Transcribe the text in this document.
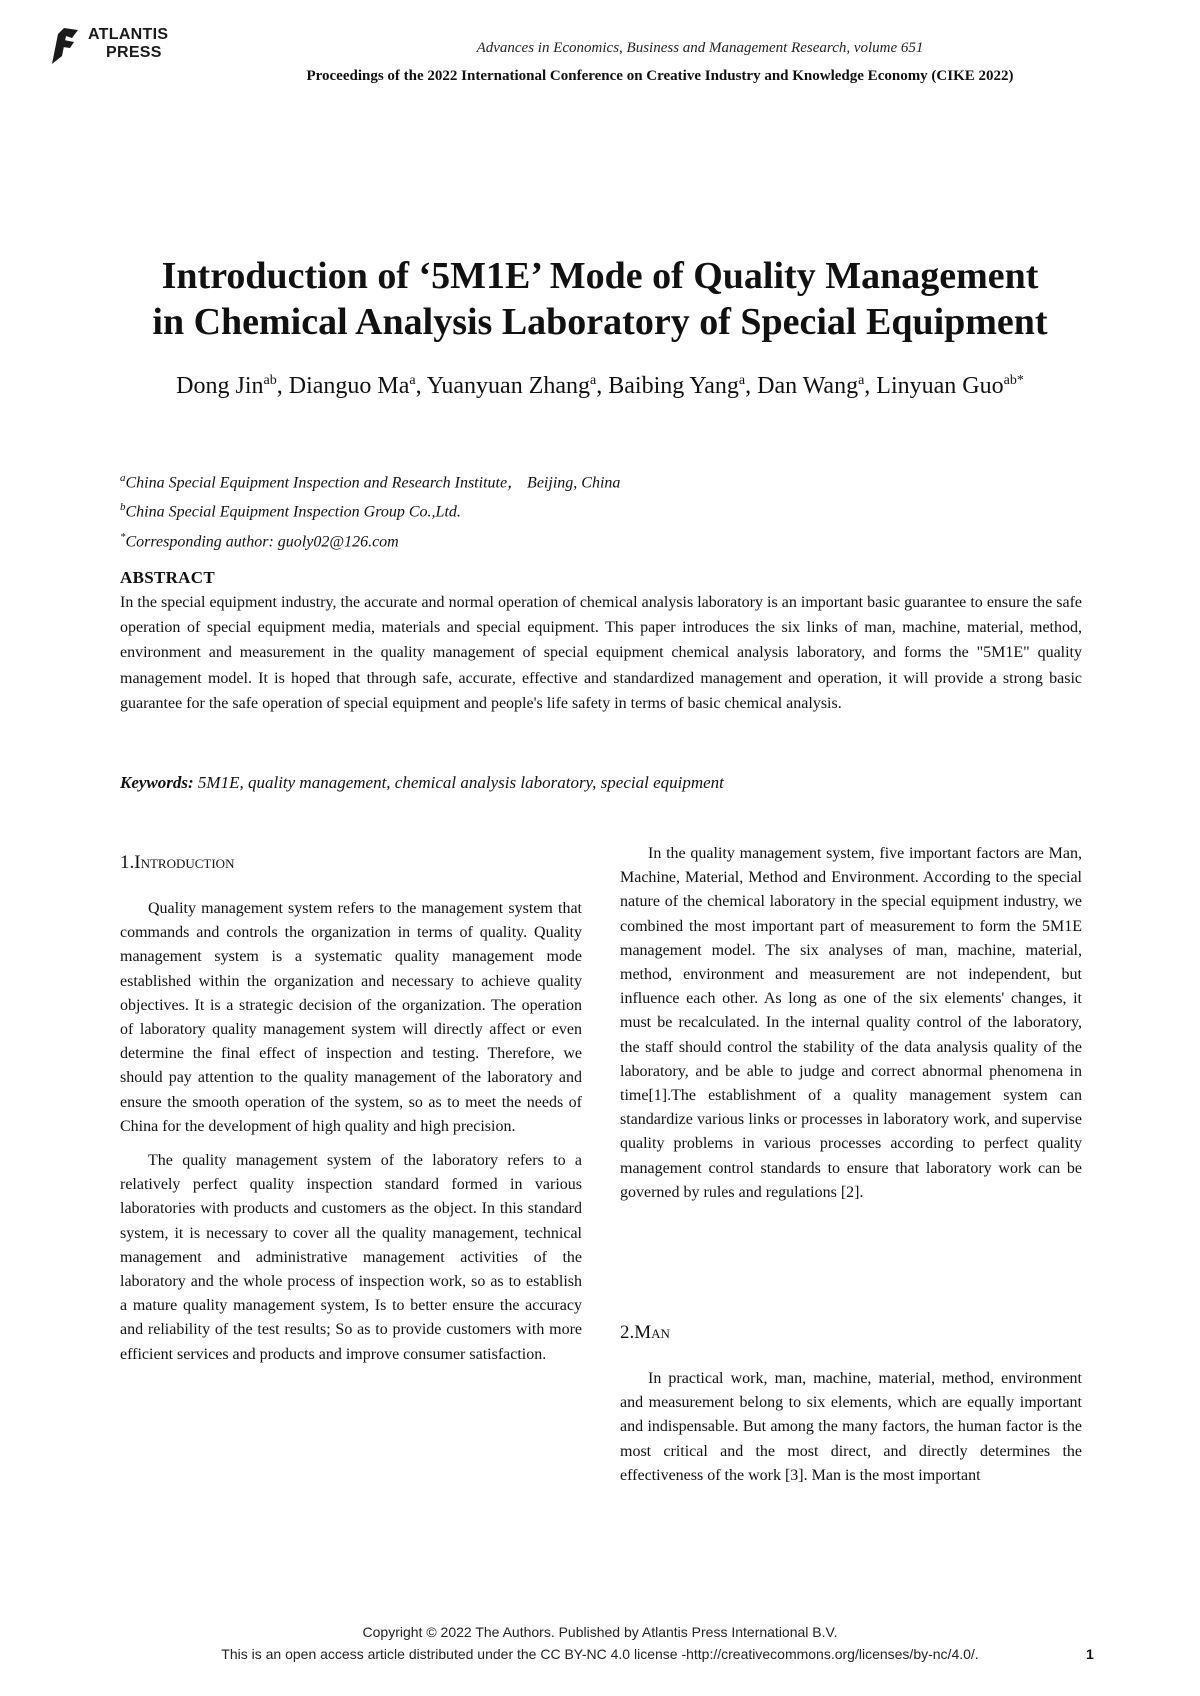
ATLANTIS
PRESS	Advances in Economics, Business and Management Research, volume 651
Proceedings of the 2022 International Conference on Creative Industry and Knowledge Economy (CIKE 2022)
Introduction of ‘5M1E’ Mode of Quality Management
in Chemical Analysis Laboratory of Special Equipment
Dong Jin$^{ab}$, Dianguo Ma$^a$, Yuanyuan Zhang$^a$, Baibing Yang$^a$, Dan Wang$^a$, Linyuan Guo$^{ab*}$
$^a$China Special Equipment Inspection and Research Institute， Beijing, China
$^b$China Special Equipment Inspection Group Co.,Ltd.
*Corresponding author: guoly02@126.com
ABSTRACT
In the special equipment industry, the accurate and normal operation of chemical analysis laboratory is an important basic guarantee to ensure the safe operation of special equipment media, materials and special equipment. This paper introduces the six links of man, machine, material, method, environment and measurement in the quality management of special equipment chemical analysis laboratory, and forms the "5M1E" quality management model. It is hoped that through safe, accurate, effective and standardized management and operation, it will provide a strong basic guarantee for the safe operation of special equipment and people's life safety in terms of basic chemical analysis.
Keywords: 5M1E, quality management, chemical analysis laboratory, special equipment
1.Introduction

Quality management system refers to the management system that commands and controls the organization in terms of quality. Quality management system is a systematic quality management mode established within the organization and necessary to achieve quality objectives. It is a strategic decision of the organization. The operation of laboratory quality management system will directly affect or even determine the final effect of inspection and testing. Therefore, we should pay attention to the quality management of the laboratory and ensure the smooth operation of the system, so as to meet the needs of China for the development of high quality and high precision.

The quality management system of the laboratory refers to a relatively perfect quality inspection standard formed in various laboratories with products and customers as the object. In this standard system, it is necessary to cover all the quality management, technical management and administrative management activities of the laboratory and the whole process of inspection work, so as to establish a mature quality management system, Is to better ensure the accuracy and reliability of the test results; So as to provide customers with more efficient services and products and improve consumer satisfaction.

In the quality management system, five important factors are Man, Machine, Material, Method and Environment. According to the special nature of the chemical laboratory in the special equipment industry, we combined the most important part of measurement to form the 5M1E management model. The six analyses of man, machine, material, method, environment and measurement are not independent, but influence each other. As long as one of the six elements' changes, it must be recalculated. In the internal quality control of the laboratory, the staff should control the stability of the data analysis quality of the laboratory, and be able to judge and correct abnormal phenomena in time[1].The establishment of a quality management system can standardize various links or processes in laboratory work, and supervise quality problems in various processes according to perfect quality management control standards to ensure that laboratory work can be governed by rules and regulations [2].

2.Man

In practical work, man, machine, material, method, environment and measurement belong to six elements, which are equally important and indispensable. But among the many factors, the human factor is the most critical and the most direct, and directly determines the effectiveness of the work [3]. Man is the most important

Copyright © 2022 The Authors. Published by Atlantis Press International B.V.
This is an open access article distributed under the CC BY-NC 4.0 license -http://creativecommons.org/licenses/by-nc/4.0/.	1
